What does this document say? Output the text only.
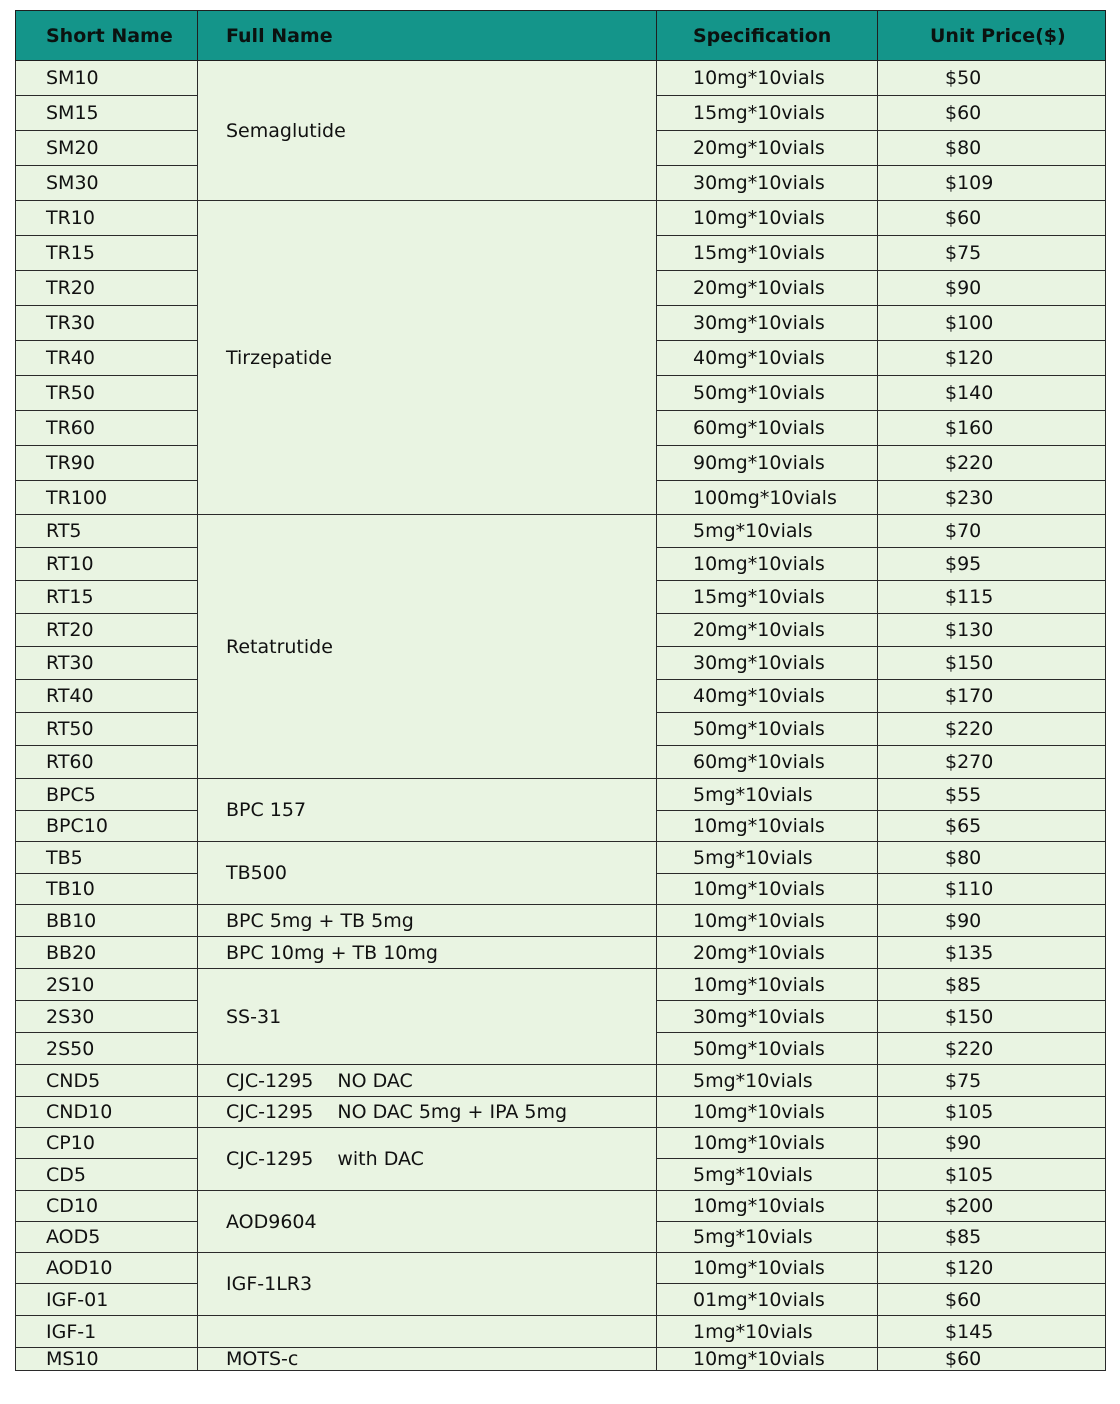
Short Name	Full Name	Specification	Unit Price($)
SM10	Semaglutide	10mg*10vials	$50
SM15		15mg*10vials	$60
SM20		20mg*10vials	$80
SM30		30mg*10vials	$109
TR10	Tirzepatide	10mg*10vials	$60
TR15		15mg*10vials	$75
TR20		20mg*10vials	$90
TR30		30mg*10vials	$100
TR40		40mg*10vials	$120
TR50		50mg*10vials	$140
TR60		60mg*10vials	$160
TR90		90mg*10vials	$220
TR100		100mg*10vials	$230
RT5	Retatrutide	5mg*10vials	$70
RT10		10mg*10vials	$95
RT15		15mg*10vials	$115
RT20		20mg*10vials	$130
RT30		30mg*10vials	$150
RT40		40mg*10vials	$170
RT50		50mg*10vials	$220
RT60		60mg*10vials	$270
BPC5	BPC 157	5mg*10vials	$55
BPC10		10mg*10vials	$65
TB5	TB500	5mg*10vials	$80
TB10		10mg*10vials	$110
BB10	BPC 5mg + TB 5mg	10mg*10vials	$90
BB20	BPC 10mg + TB 10mg	20mg*10vials	$135
2S10	SS-31	10mg*10vials	$85
2S30		30mg*10vials	$150
2S50		50mg*10vials	$220
CND5	CJC-1295 NO DAC	5mg*10vials	$75
CND10	CJC-1295 NO DAC 5mg + IPA 5mg	10mg*10vials	$105
CP10	CJC-1295 with DAC	10mg*10vials	$90
CD5		5mg*10vials	$105
CD10	AOD9604	10mg*10vials	$200
AOD5		5mg*10vials	$85
AOD10	IGF-1LR3	10mg*10vials	$120
IGF-01		01mg*10vials	$60
IGF-1		1mg*10vials	$145
MS10	MOTS-c	10mg*10vials	$60
